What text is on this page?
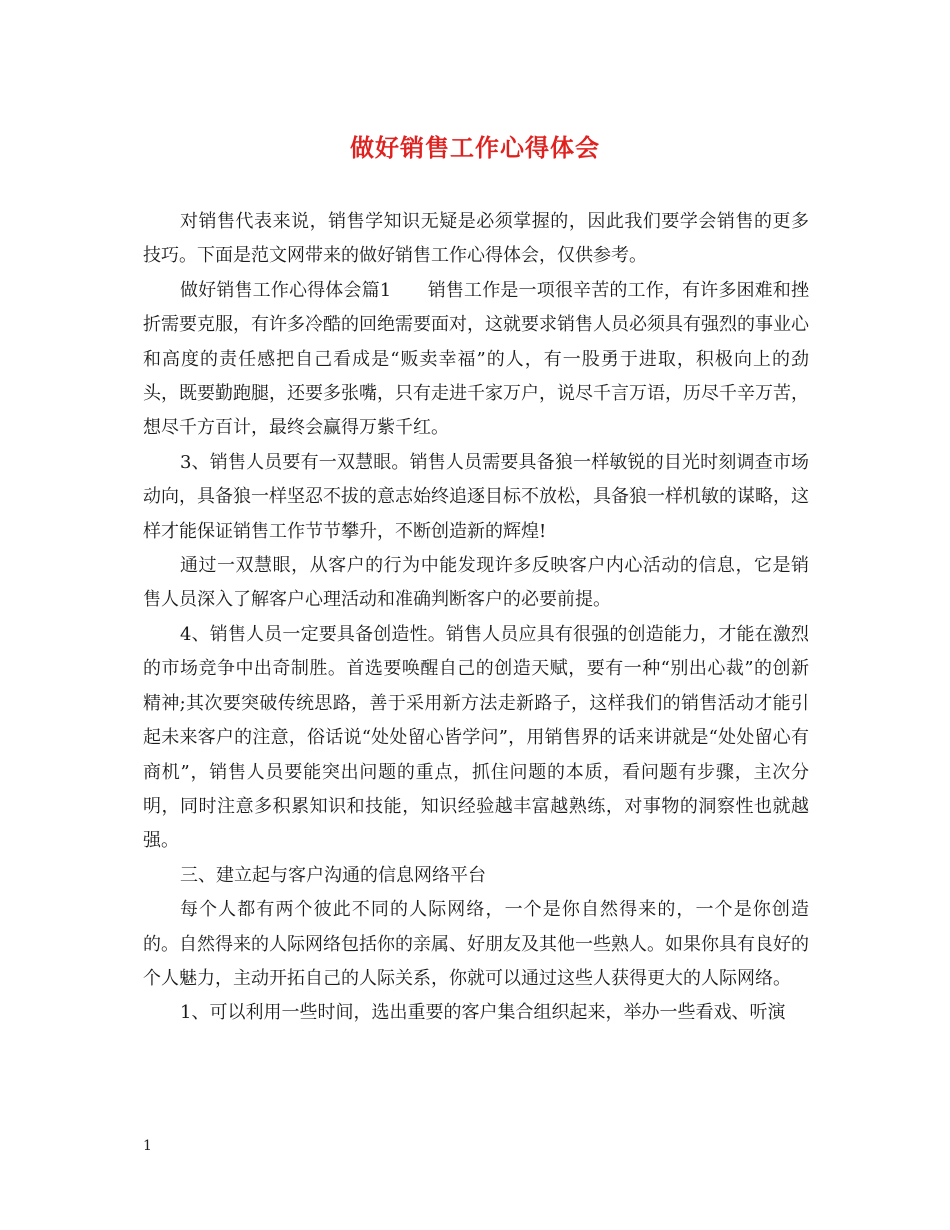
做好销售工作心得体会

对销售代表来说，销售学知识无疑是必须掌握的，因此我们要学会销售的更多技巧。下面是范文网带来的做好销售工作心得体会，仅供参考。

做好销售工作心得体会篇1　　销售工作是一项很辛苦的工作，有许多困难和挫折需要克服，有许多冷酷的回绝需要面对，这就要求销售人员必须具有强烈的事业心和高度的责任感把自己看成是“贩卖幸福”的人，有一股勇于进取，积极向上的劲头，既要勤跑腿，还要多张嘴，只有走进千家万户，说尽千言万语，历尽千辛万苦，想尽千方百计，最终会赢得万紫千红。

3、销售人员要有一双慧眼。销售人员需要具备狼一样敏锐的目光时刻调查市场动向，具备狼一样坚忍不拔的意志始终追逐目标不放松，具备狼一样机敏的谋略，这样才能保证销售工作节节攀升，不断创造新的辉煌!

通过一双慧眼，从客户的行为中能发现许多反映客户内心活动的信息，它是销售人员深入了解客户心理活动和准确判断客户的必要前提。

4、销售人员一定要具备创造性。销售人员应具有很强的创造能力，才能在激烈的市场竞争中出奇制胜。首选要唤醒自己的创造天赋，要有一种“别出心裁”的创新精神;其次要突破传统思路，善于采用新方法走新路子，这样我们的销售活动才能引起未来客户的注意，俗话说“处处留心皆学问”，用销售界的话来讲就是“处处留心有商机”，销售人员要能突出问题的重点，抓住问题的本质，看问题有步骤，主次分明，同时注意多积累知识和技能，知识经验越丰富越熟练，对事物的洞察性也就越强。

三、建立起与客户沟通的信息网络平台

每个人都有两个彼此不同的人际网络，一个是你自然得来的，一个是你创造的。自然得来的人际网络包括你的亲属、好朋友及其他一些熟人。如果你具有良好的个人魅力，主动开拓自己的人际关系，你就可以通过这些人获得更大的人际网络。

1、可以利用一些时间，选出重要的客户集合组织起来，举办一些看戏、听演

1
